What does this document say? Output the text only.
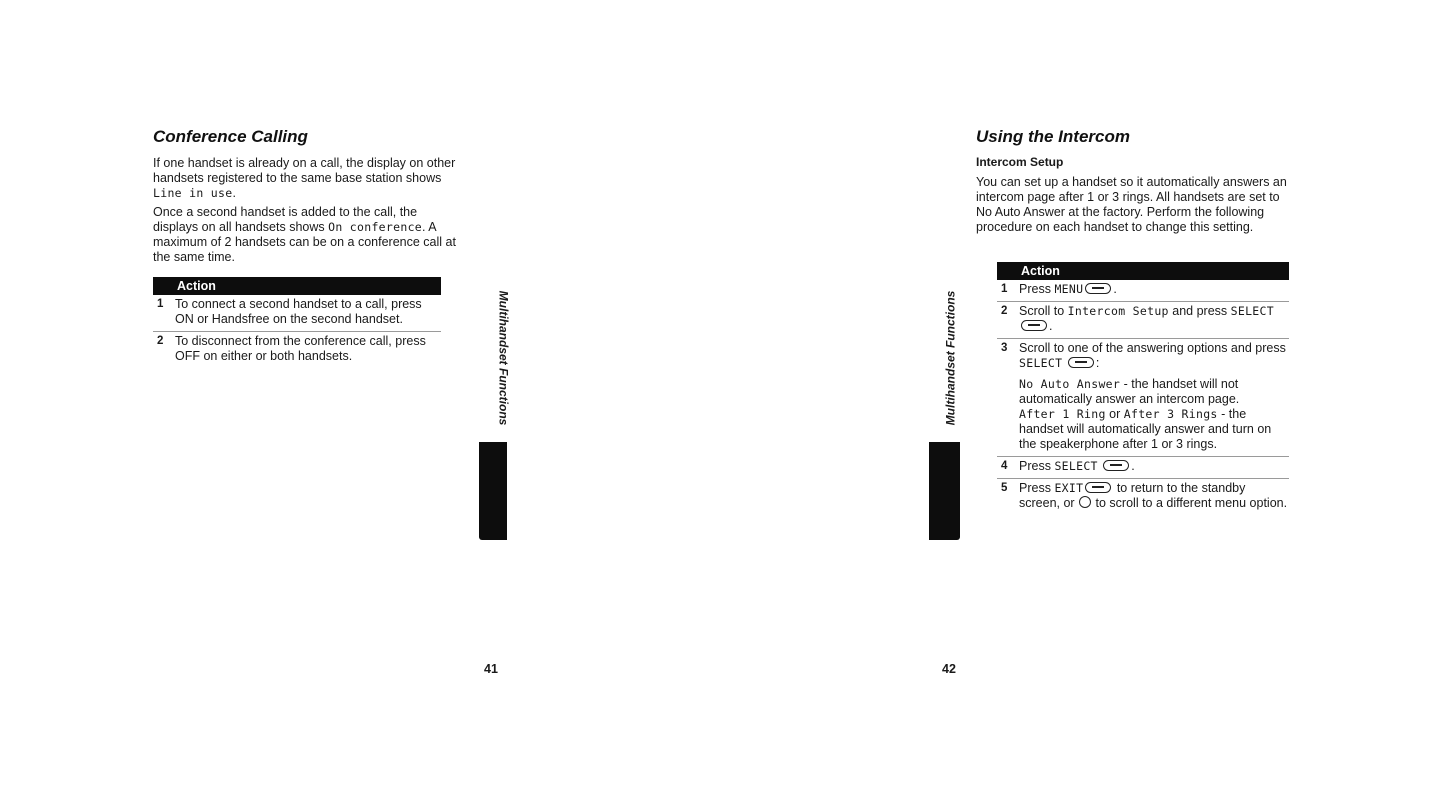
Conference Calling

If one handset is already on a call, the display on other handsets registered to the same base station shows Line in use.

Once a second handset is added to the call, the displays on all handsets shows On conference. A maximum of 2 handsets can be on a conference call at the same time.

Action
1 To connect a second handset to a call, press ON or Handsfree on the second handset.
2 To disconnect from the conference call, press OFF on either or both handsets.	Multihandset Functions
41
Using the Intercom
Intercom Setup

You can set up a handset so it automatically answers an intercom page after 1 or 3 rings. All handsets are set to No Auto Answer at the factory. Perform the following procedure on each handset to change this setting.

Action
1 Press MENU .
2 Scroll to Intercom Setup and press SELECT .
3 Scroll to one of the answering options and press SELECT	:
No Auto Answer - the handset will not automatically answer an intercom page.
After 1 Ring or After 3 Rings - the handset will automatically answer and turn on the speakerphone after 1 or 3 rings.
4 Press SELECT	.
5 Press EXIT to return to the standby screen, or  to scroll to a different menu option.
Multihandset Functions
42
